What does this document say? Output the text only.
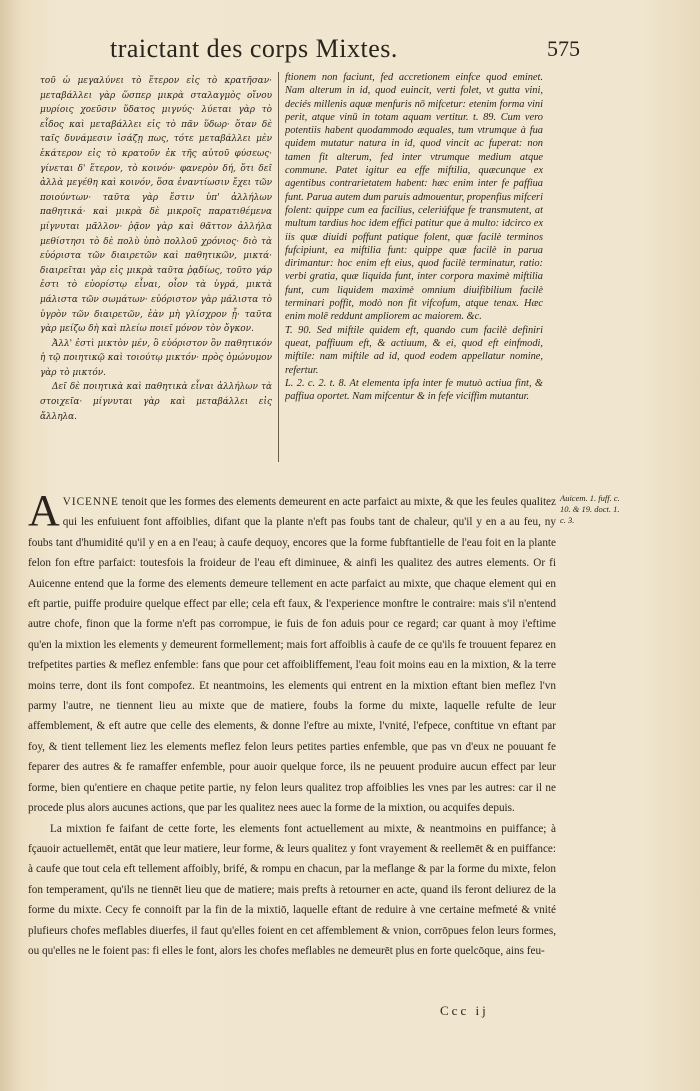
traictant des corps Mixtes.	575

τοῦ ὡ μεγαλύνει τὸ ἕτερον εἰς τὸ κρατῆσαν· μεταβάλλει γὰρ ὥσπερ μικρὰ σταλαγμὸς οἴνου μυρίοις χοεῦσιν ὕδατος μιγνύς· λύεται γὰρ τὸ εἶδος καὶ μεταβάλλει εἰς τὸ πᾶν ὕδωρ· ὅταν δὲ ταῖς δυνάμεσιν ἰσάζῃ πως, τότε μεταβάλλει μὲν ἑκάτερον εἰς τὸ κρατοῦν ἐκ τῆς αὐτοῦ φύσεως· γίνεται δ' ἕτερον, τὸ κοινόν· φανερὸν δή, ὅτι δεῖ ἀλλὰ μεγέθη καὶ κοινόν, ὅσα ἐναντίωσιν ἔχει τῶν ποιούντων· ταῦτα γὰρ ἔστιν ὑπ' ἀλλήλων παθητικά· καὶ μικρὰ δὲ μικροῖς παρατιθέμενα μίγνυται μᾶλλον· ῥᾷον γὰρ καὶ θᾶττον ἀλλήλα μεθίστησι τὸ δὲ πολὺ ὑπὸ πολλοῦ χρόνιος· διὸ τὰ εὐόριστα τῶν διαιρετῶν καὶ παθητικῶν, μικτά· διαιρεῖται γὰρ εἰς μικρὰ ταῦτα ῥᾳδίως, τοῦτο γάρ ἐστι τὸ εὐορίστῳ εἶναι, οἷον τὰ ὑγρά, μικτὰ μάλιστα τῶν σωμάτων· εὐόριστον γὰρ μάλιστα τὸ ὑγρὸν τῶν διαιρετῶν, ἐὰν μὴ γλίσχρον ᾖ· ταῦτα γὰρ μείζω δὴ καὶ πλείω ποιεῖ μόνον τὸν ὄγκον.

Ἀλλ' ἐστὶ μικτὸν μέν, ὃ εὐόριστον ὂν παθητικόν ἡ τῷ ποιητικῷ καὶ τοιούτῳ μικτόν· πρὸς ὁμώνυμον γὰρ τὸ μικτόν.

Δεῖ δὲ ποιητικὰ καὶ παθητικὰ εἶναι ἀλλήλων τὰ στοιχεῖα· μίγνυται γὰρ καὶ μεταβάλλει εἰς ἄλληλα.

ftionem non faciunt, fed accretionem einfce quod eminet. Nam alterum in id, quod euincit, verti folet, vt gutta vini, deciés millenis aquæ menfuris nō mifcetur: etenim forma vini perit, atque vinū in totam aquam vertitur. t. 89. Cum vero potentiis habent quodammodo æquales, tum vtrumque à fua quidem mutatur natura in id, quod vincit ac fuperat: non tamen fit alterum, fed inter vtrumque medium atque commune. Patet igitur ea effe miftilia, quæcunque ex agentibus contrarietatem habent: hæc enim inter fe paffiua funt. Parua autem dum paruis admouentur, propenfius mifceri folent: quippe cum ea facilius, celeriúfque fe transmutent, at multum tardius hoc idem effici patitur que à multo: idcirco ex iis quæ diuidi poffunt patique folent, quæ facilè terminos fufcipiunt, ea miftilia funt: quippe quæ facilè in parua dirimantur: hoc enim eft eius, quod facilè terminatur, ratio: verbi gratia, quæ liquida funt, inter corpora maximè miftilia funt, cum liquidem maximè omnium diuifibilium facilè terminari poffit, modò non fit vifcofum, atque tenax. Hæc enim molē reddunt ampliorem ac maiorem. &c.

T. 90. Sed miftile quidem eft, quando cum facilè definiri queat, paffiuum eft, & actiuum, & ei, quod eft einfmodi, miftile: nam miftile ad id, quod eodem appellatur nomine, refertur.

L. 2. c. 2. t. 8. At elementa ipfa inter fe mutuò actiua fint, & paffiua oportet. Nam mifcentur & in fefe viciffim mutantur.

AVICENNE tenoit que les formes des elements demeurent en acte parfaict au mixte, & que les feules qualitez qui les enfuiuent font affoiblies, difant que la plante n'eft pas foubs tant de chaleur, qu'il y en a au feu, ny foubs tant d'humidité qu'il y en a en l'eau; à caufe dequoy, encores que la forme fubftantielle de l'eau foit en la plante felon fon eftre parfaict: toutesfois la froideur de l'eau eft diminuee, & ainfi les qualitez des autres elements. Or fi Auicenne entend que la forme des elements demeure tellement en acte parfaict au mixte, que chaque element qui en eft partie, puiffe produire quelque effect par elle; cela eft faux, & l'experience monftre le contraire: mais s'il n'entend autre chofe, finon que la forme n'eft pas corrompue, ie fuis de fon aduis pour ce regard; car quant à moy i'eftime qu'en la mixtion les elements y demeurent formellement; mais fort affoiblis à caufe de ce qu'ils fe trouuent feparez en trefpetites parties & meflez enfemble: fans que pour cet affoibliffement, l'eau foit moins eau en la mixtion, & la terre moins terre, dont ils font compofez. Et neantmoins, les elements qui entrent en la mixtion eftant bien meflez l'vn parmy l'autre, ne tiennent lieu au mixte que de matiere, foubs la forme du mixte, laquelle refulte de leur affemblement, & eft autre que celle des elements, & donne l'eftre au mixte, l'vnité, l'efpece, conftitue vn eftant par foy, & tient tellement liez les elements meflez felon leurs petites parties enfemble, que pas vn d'eux ne pouuant fe feparer des autres & fe ramaffer enfemble, pour auoir quelque force, ils ne peuuent produire aucun effect par leur forme, bien qu'entiere en chaque petite partie, ny felon leurs qualitez trop affoiblies les vnes par les autres: car il ne procede plus alors aucunes actions, que par les qualitez nees auec la forme de la mixtion, ou acquifes depuis.

La mixtion fe faifant de cette forte, les elements font actuellement au mixte, & neantmoins en puiffance; à fçauoir actuellemēt, entāt que leur matiere, leur forme, & leurs qualitez y font vrayement & reellemēt & en puiffance: à caufe que tout cela eft tellement affoibly, brifé, & rompu en chacun, par la meflange & par la forme du mixte, felon fon temperament, qu'ils ne tiennēt lieu que de matiere; mais prefts à retourner en acte, quand ils feront deliurez de la forme du mixte. Cecy fe connoift par la fin de la mixtiō, laquelle eftant de reduire à vne certaine mefmeté & vnité plufieurs chofes meflables diuerfes, il faut qu'elles foient en cet affemblement & vnion, corrōpues felon leurs formes, ou qu'elles ne le foient pas: fi elles le font, alors les chofes meflables ne demeurēt plus en forte quelcōque, ains feu-

Auicem. 1. fuff. c. 10. & 19. doct. 1. c. 3.
Ccc ij
